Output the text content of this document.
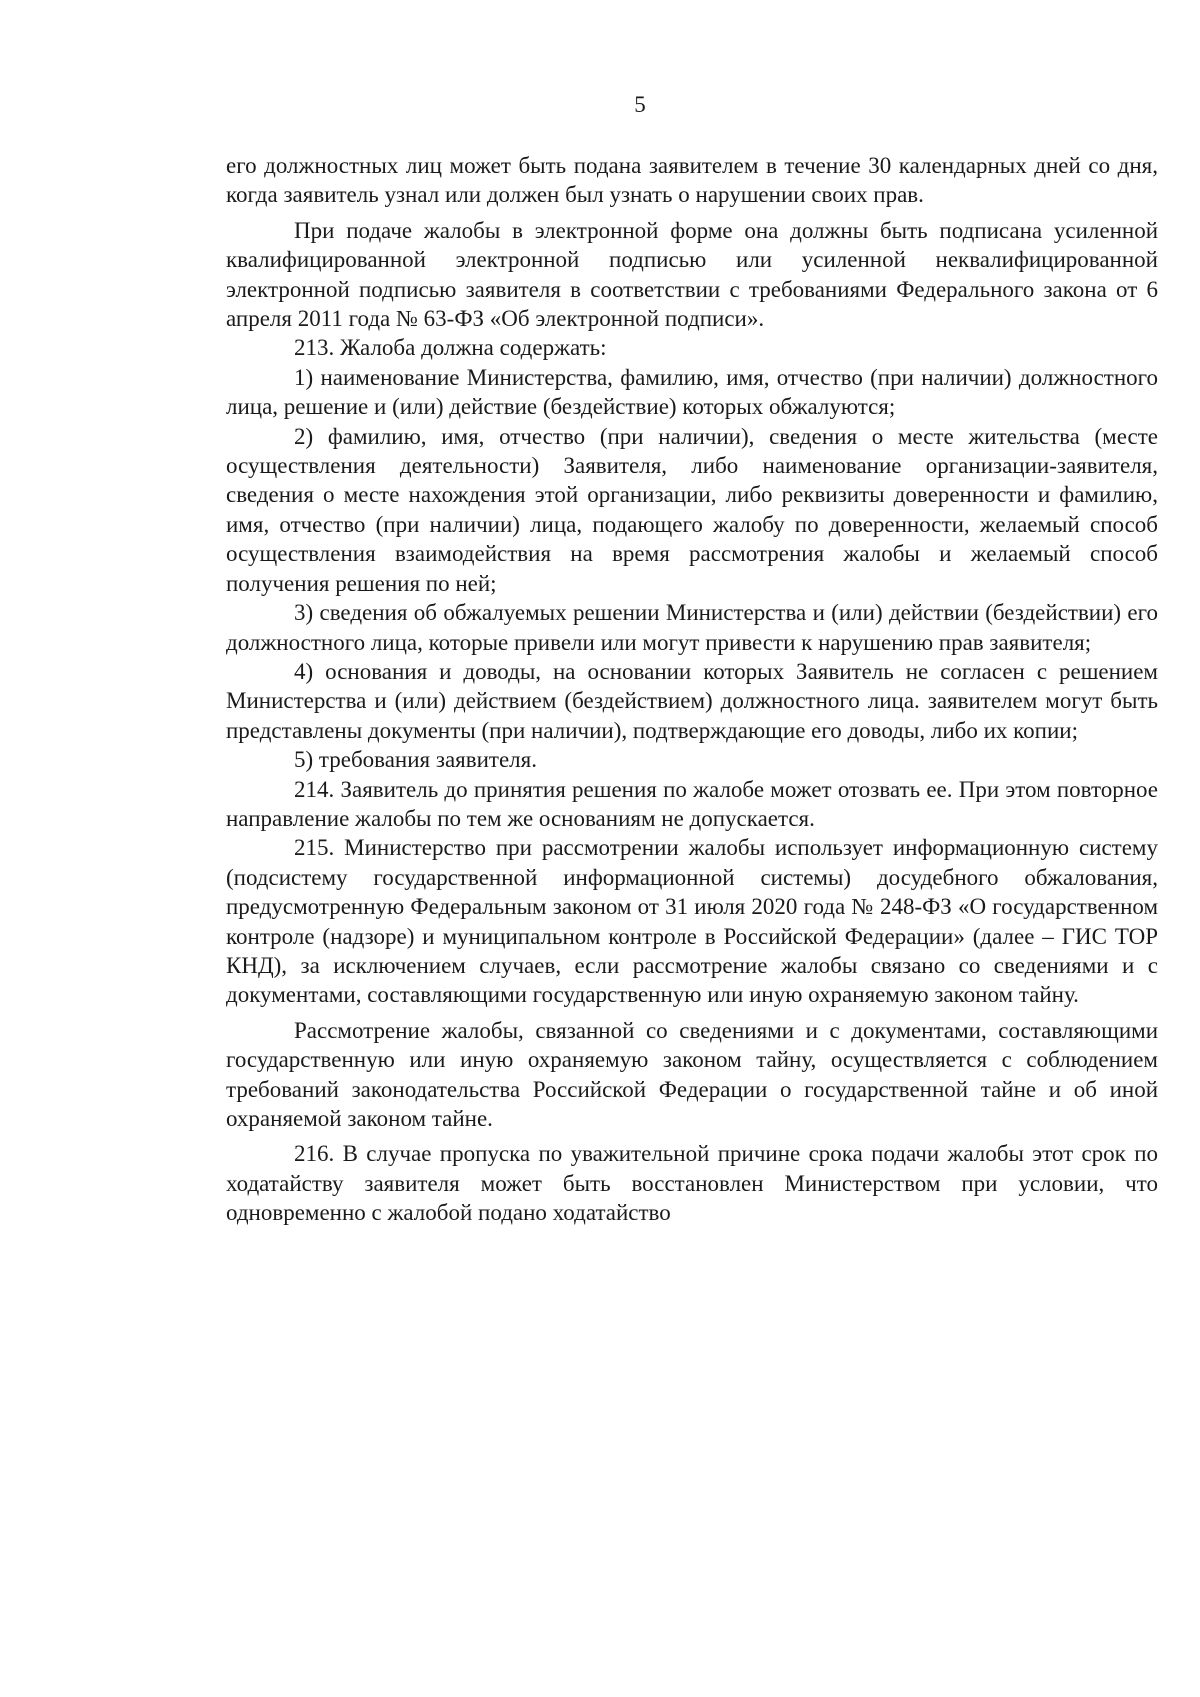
5

его должностных лиц может быть подана заявителем в течение 30 календарных дней со дня, когда заявитель узнал или должен был узнать о нарушении своих прав.

При подаче жалобы в электронной форме она должны быть подписана усиленной квалифицированной электронной подписью или усиленной неквалифицированной электронной подписью заявителя в соответствии с требованиями Федерального закона от 6 апреля 2011 года № 63-ФЗ «Об электронной подписи».

213. Жалоба должна содержать:

1) наименование Министерства, фамилию, имя, отчество (при наличии) должностного лица, решение и (или) действие (бездействие) которых обжалуются;

2) фамилию, имя, отчество (при наличии), сведения о месте жительства (месте осуществления деятельности) Заявителя, либо наименование организации-заявителя, сведения о месте нахождения этой организации, либо реквизиты доверенности и фамилию, имя, отчество (при наличии) лица, подающего жалобу по доверенности, желаемый способ осуществления взаимодействия на время рассмотрения жалобы и желаемый способ получения решения по ней;

3) сведения об обжалуемых решении Министерства и (или) действии (бездействии) его должностного лица, которые привели или могут привести к нарушению прав заявителя;

4) основания и доводы, на основании которых Заявитель не согласен с решением Министерства и (или) действием (бездействием) должностного лица. заявителем могут быть представлены документы (при наличии), подтверждающие его доводы, либо их копии;

5) требования заявителя.

214. Заявитель до принятия решения по жалобе может отозвать ее. При этом повторное направление жалобы по тем же основаниям не допускается.

215. Министерство при рассмотрении жалобы использует информационную систему (подсистему государственной информационной системы) досудебного обжалования, предусмотренную Федеральным законом от 31 июля 2020 года № 248-ФЗ «О государственном контроле (надзоре) и муниципальном контроле в Российской Федерации» (далее – ГИС ТОР КНД), за исключением случаев, если рассмотрение жалобы связано со сведениями и с документами, составляющими государственную или иную охраняемую законом тайну.

Рассмотрение жалобы, связанной со сведениями и с документами, составляющими государственную или иную охраняемую законом тайну, осуществляется с соблюдением требований законодательства Российской Федерации о государственной тайне и об иной охраняемой законом тайне.

216. В случае пропуска по уважительной причине срока подачи жалобы этот срок по ходатайству заявителя может быть восстановлен Министерством при условии, что одновременно с жалобой подано ходатайство
